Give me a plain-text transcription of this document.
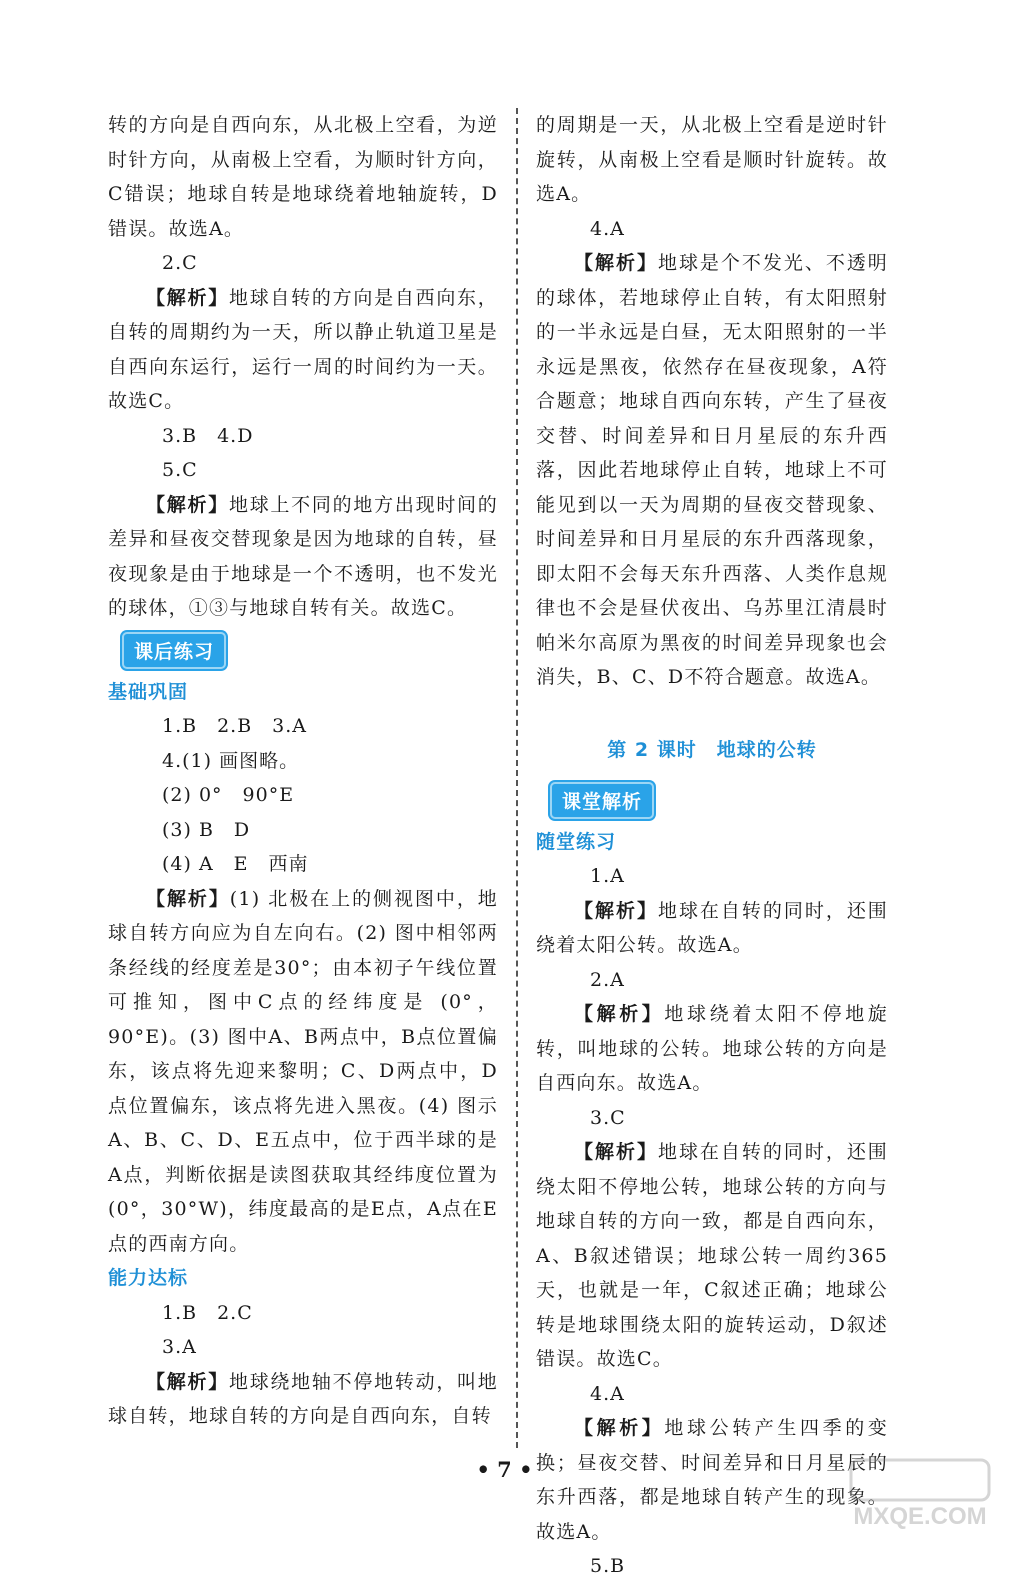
转的方向是自西向东，从北极上空看，为逆时针方向，从南极上空看，为顺时针方向，C错误；地球自转是地球绕着地轴旋转，D错误。故选A。

2.C

【解析】地球自转的方向是自西向东，自转的周期约为一天，所以静止轨道卫星是自西向东运行，运行一周的时间约为一天。故选C。

3.B　4.D

5.C

【解析】地球上不同的地方出现时间的差异和昼夜交替现象是因为地球的自转，昼夜现象是由于地球是一个不透明，也不发光的球体，①③与地球自转有关。故选C。

课后练习

基础巩固

1.B　2.B　3.A

4.(1) 画图略。

(2) 0°　90°E

(3) B　D

(4) A　E　西南

【解析】(1) 北极在上的侧视图中，地球自转方向应为自左向右。(2) 图中相邻两条经线的经度差是30°；由本初子午线位置可推知，图中C点的经纬度是 (0°，90°E)。(3) 图中A、B两点中，B点位置偏东，该点将先迎来黎明；C、D两点中，D点位置偏东，该点将先进入黑夜。(4) 图示A、B、C、D、E五点中，位于西半球的是A点，判断依据是读图获取其经纬度位置为 (0°，30°W)，纬度最高的是E点，A点在E点的西南方向。

能力达标

1.B　2.C

3.A

【解析】地球绕地轴不停地转动，叫地球自转，地球自转的方向是自西向东，自转

的周期是一天，从北极上空看是逆时针旋转，从南极上空看是顺时针旋转。故选A。

4.A

【解析】地球是个不发光、不透明的球体，若地球停止自转，有太阳照射的一半永远是白昼，无太阳照射的一半永远是黑夜，依然存在昼夜现象，A符合题意；地球自西向东转，产生了昼夜交替、时间差异和日月星辰的东升西落，因此若地球停止自转，地球上不可能见到以一天为周期的昼夜交替现象、时间差异和日月星辰的东升西落现象，即太阳不会每天东升西落、人类作息规律也不会是昼伏夜出、乌苏里江清晨时帕米尔高原为黑夜的时间差异现象也会消失，B、C、D不符合题意。故选A。

第 2 课时　地球的公转

课堂解析

随堂练习

1.A

【解析】地球在自转的同时，还围绕着太阳公转。故选A。

2.A

【解析】地球绕着太阳不停地旋转，叫地球的公转。地球公转的方向是自西向东。故选A。

3.C

【解析】地球在自转的同时，还围绕太阳不停地公转，地球公转的方向与地球自转的方向一致，都是自西向东，A、B叙述错误；地球公转一周约365天，也就是一年，C叙述正确；地球公转是地球围绕太阳的旋转运动，D叙述错误。故选C。

4.A

【解析】地球公转产生四季的变换；昼夜交替、时间差异和日月星辰的东升西落，都是地球自转产生的现象。故选A。

5.B

• 7 •
MXQE.COM
